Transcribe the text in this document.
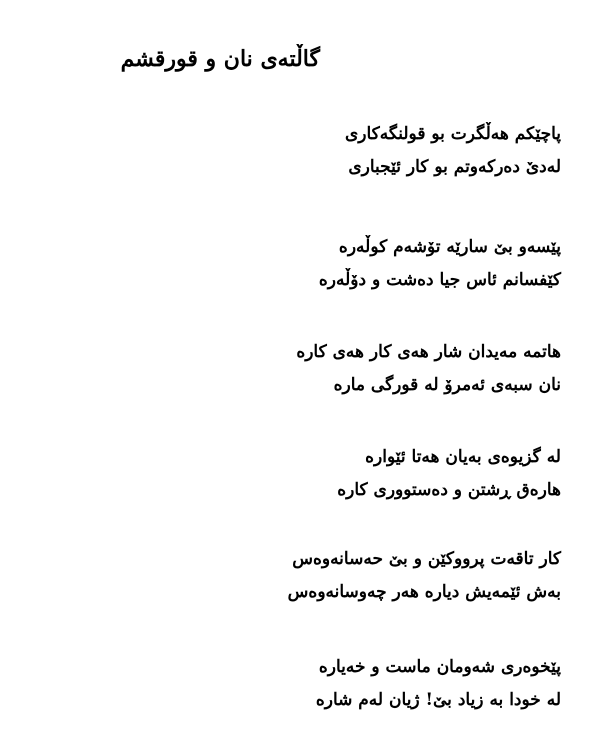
گاڵتەی نان و قورقشم
پاچێکم هەڵگرت بو قولنگەکاری
لەدێ دەرکەوتم بو کار ئێجباری
پێسەو بێ سارێە تۆشەم کوڵەرە
کێفسانم ئاس جیا دەشت و دۆڵەرە
هاتمە مەیدان شار هەی کار هەی کارە
نان سبەی ئەمرۆ لە قورگی مارە
لە گزیوەی بەیان هەتا ئێوارە
هارەق ڕشتن و دەستووری کارە
کار تاقەت پرووکێن و بێ حەسانەوەس
بەش ئێمەیش دیارە هەر چەوسانەوەس
پێخوەری شەومان ماست و خەیارە
لە خودا بە زیاد بێ! ژیان لەم شارە
